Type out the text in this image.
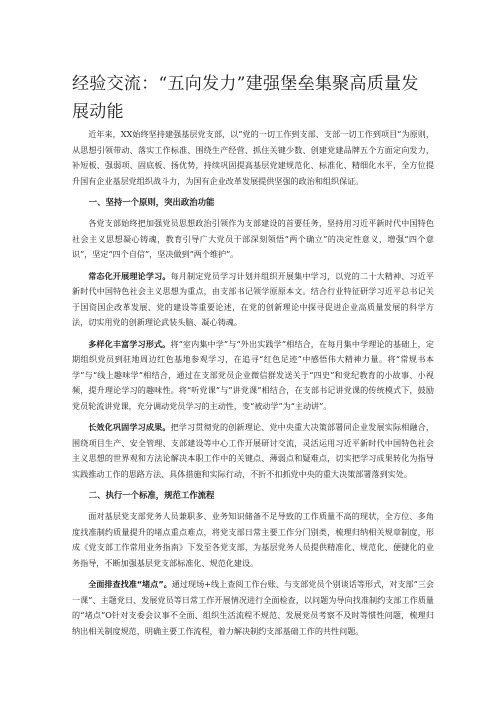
经验交流：“五向发力”建强堡垒集聚高质量发展动能

近年来，XX始终坚持建强基层党支部，以“党的一切工作到支部、支部一切工作到项目”为原则，从思想引领带动、落实工作标准、围绕生产经营、抓住关键少数、创建党建品牌五个方面定向发力，补短板、强弱项、固底板、扬优势，持续巩固提高基层党建规范化、标准化、精细化水平，全方位提升国有企业基层党组织战斗力，为国有企业改革发展提供坚强的政治和组织保证。

一、坚持一个原则，突出政治功能

各党支部始终把加强党员思想政治引领作为支部建设的首要任务，坚持用习近平新时代中国特色社会主义思想凝心铸魂，教育引导广大党员干部深刻领悟“两个确立”的决定性意义，增强“四个意识”，坚定“四个自信”，坚决做到“两个维护”。

常态化开展理论学习。每月制定党员学习计划并组织开展集中学习，以党的二十大精神、习近平新时代中国特色社会主义思想为重点，由支部书记领学原原本文。结合行业特征研学习近平总书记关于国资国企改革发展、党的建设等重要论述，在党的创新理论中探寻促进企业高质量发展的科学方法，切实用党的创新理论武装头脑、凝心铸魂。

多样化丰富学习形式。将“室内集中学”与“外出实践学”相结合，在每月集中学理论的基础上，定期组织党员到驻地周边红色基地参观学习，在追寻“红色足迹”中感悟伟大精神力量。将“常规书本学”与“线上趣味学”相结合，通过在支部党员企业微信群发送关于“四史”和党纪教育的小故事、小视频，提升理论学习的趣味性。将“听党课”与“讲党课”相结合，在支部书记讲党课的传统模式下，鼓励党员轮流讲党课，充分调动党员学习的主动性，变“被动学”为“主动讲”。

长效化巩固学习成果。把学习贯彻党的创新理论、党中央重大决策部署同企业发展实际相融合，围绕项目生产、安全管理、支部建设等中心工作开展研讨交流，灵活运用习近平新时代中国特色社会主义思想的世界观和方法论解决本职工作中的关键点、薄弱点和疑难点，切实把学习成果转化为指导实践推动工作的思路方法、具体措施和实际行动，不折不扣抓党中央的重大决策部署落到实处。

二、执行一个标准，规范工作流程

面对基层党支部党务人员兼职多、业务知识储备不足导致的工作质量不高的现状，全方位、多角度找准制约质量提升的堵点重点难点，将党支部日常主要工作分门别类，梳理归纳相关规章制度，形成《党支部工作常用业务指南》下发至各党支部，为基层党务人员提供精准化、规范化、便捷化的业务指导，不断加强基层党支部标准化、规范化建设。

全面排查找准“堵点”。通过现场+线上查阅工作台账、与支部党员个别谈话等形式，对支部“三会一课”、主题党日、发展党员等日常工作开展情况进行全面检查，以问题为导向找准制约支部工作质量的“堵点”O针对支委会议事不全面、组织生活流程不规范、发展党员考察不及时等惯性问题，梳理归纳出相关制度规范，明确主要工作流程，着力解决制约支部基础工作的共性问题。
